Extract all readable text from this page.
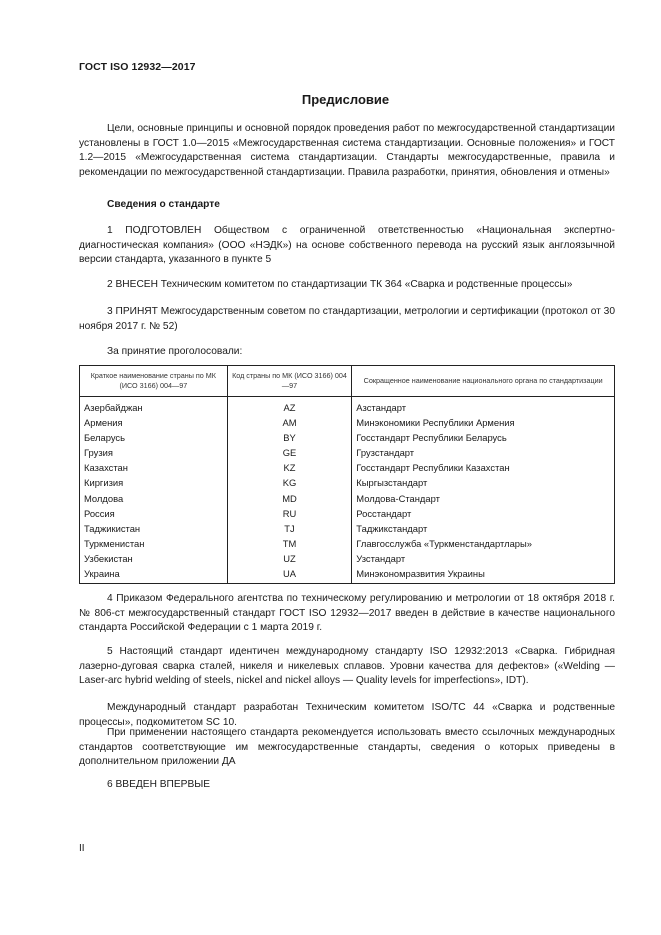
ГОСТ ISO 12932—2017
Предисловие

Цели, основные принципы и основной порядок проведения работ по межгосударственной стандартизации установлены в ГОСТ 1.0—2015 «Межгосударственная система стандартизации. Основные положения» и ГОСТ 1.2—2015 «Межгосударственная система стандартизации. Стандарты межгосударственные, правила и рекомендации по межгосударственной стандартизации. Правила разработки, принятия, обновления и отмены»

Сведения о стандарте

1 ПОДГОТОВЛЕН Обществом с ограниченной ответственностью «Национальная экспертно-диагностическая компания» (ООО «НЭДК») на основе собственного перевода на русский язык англоязычной версии стандарта, указанного в пункте 5

2 ВНЕСЕН Техническим комитетом по стандартизации ТК 364 «Сварка и родственные процессы»

3 ПРИНЯТ Межгосударственным советом по стандартизации, метрологии и сертификации (протокол от 30 ноября 2017 г. № 52)

За принятие проголосовали:
Краткое наименование страны по МК (ИСО 3166) 004—97	Код страны по МК (ИСО 3166) 004—97	Сокращенное наименование национального органа по стандартизации
Азербайджан	AZ	Азстандарт
Армения	AM	Минэкономики Республики Армения
Беларусь	BY	Госстандарт Республики Беларусь
Грузия	GE	Грузстандарт
Казахстан	KZ	Госстандарт Республики Казахстан
Киргизия	KG	Кыргызстандарт
Молдова	MD	Молдова-Стандарт
Россия	RU	Росстандарт
Таджикистан	TJ	Таджикстандарт
Туркменистан	TM	Главгосслужба «Туркменстандартлары»
Узбекистан	UZ	Узстандарт
Украина	UA	Минэкономразвития Украины

4 Приказом Федерального агентства по техническому регулированию и метрологии от 18 октября 2018 г. № 806-ст межгосударственный стандарт ГОСТ ISO 12932—2017 введен в действие в качестве национального стандарта Российской Федерации с 1 марта 2019 г.

5 Настоящий стандарт идентичен международному стандарту ISO 12932:2013 «Сварка. Гибридная лазерно-дуговая сварка сталей, никеля и никелевых сплавов. Уровни качества для дефектов» («Welding — Laser-arc hybrid welding of steels, nickel and nickel alloys — Quality levels for imperfections», IDT).

Международный стандарт разработан Техническим комитетом ISO/TC 44 «Сварка и родственные процессы», подкомитетом SC 10.

При применении настоящего стандарта рекомендуется использовать вместо ссылочных международных стандартов соответствующие им межгосударственные стандарты, сведения о которых приведены в дополнительном приложении ДА

6 ВВЕДЕН ВПЕРВЫЕ

II
